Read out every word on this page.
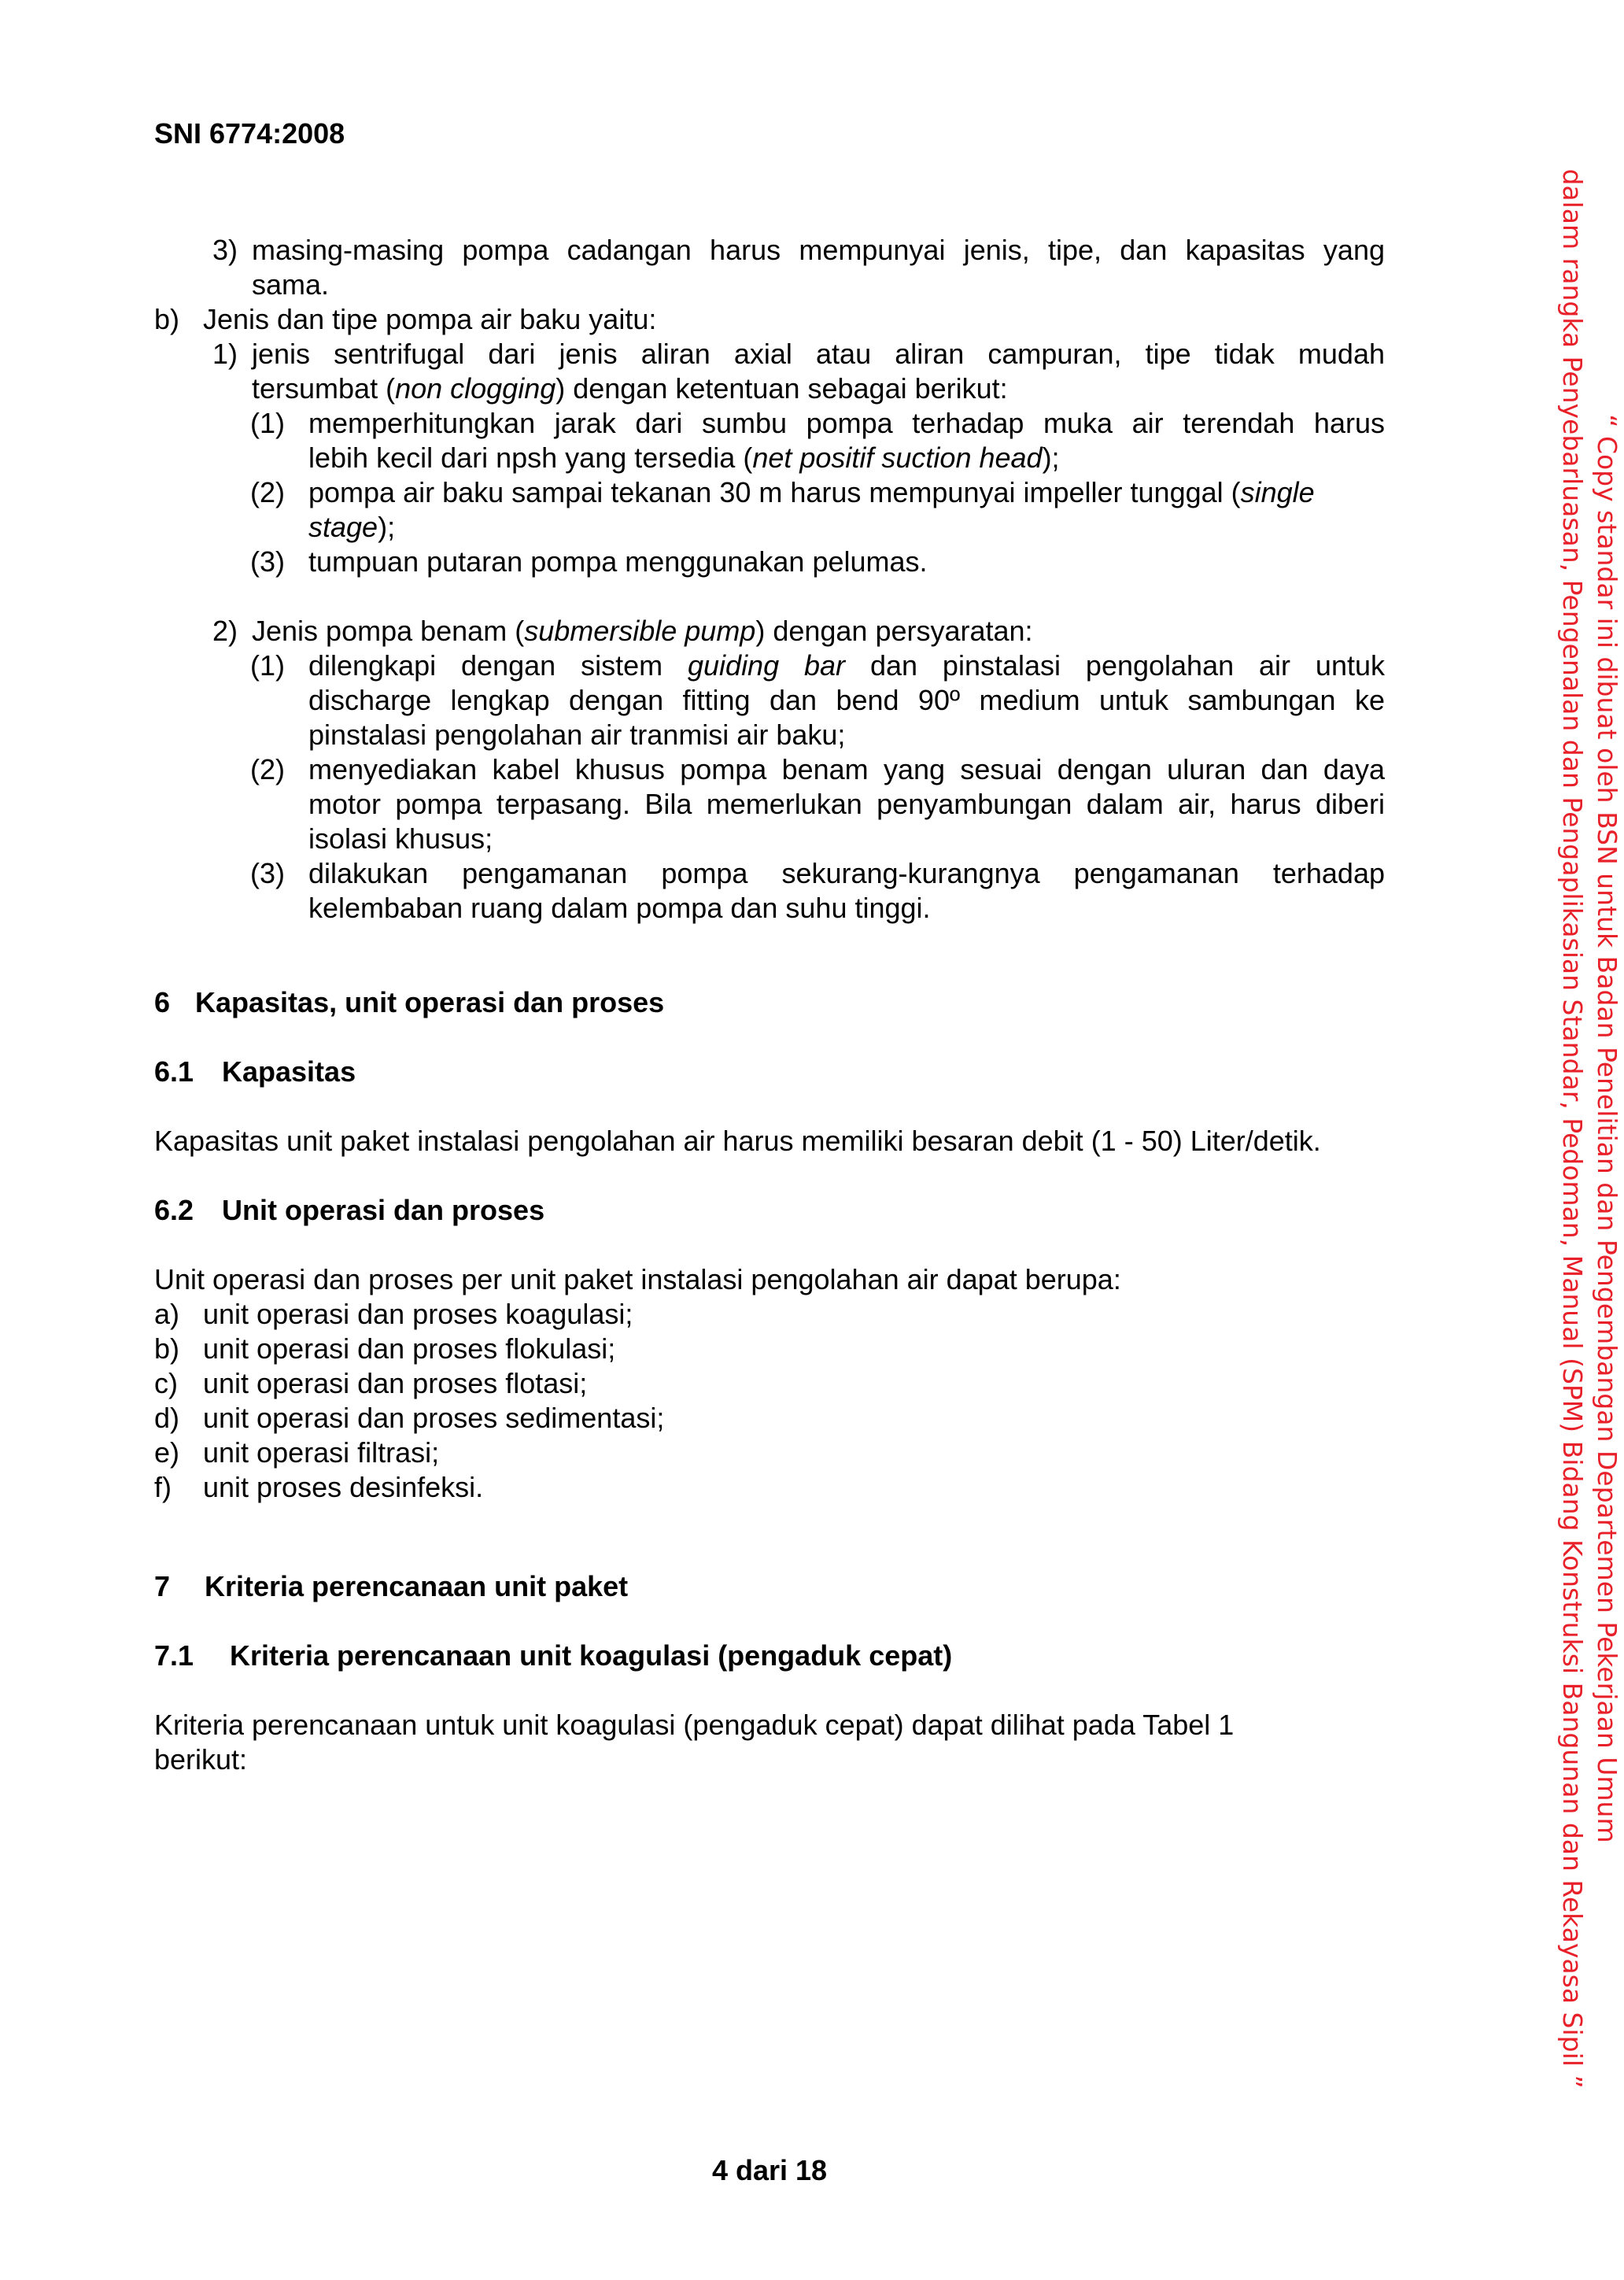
SNI 6774:2008
3) masing-masing pompa cadangan harus mempunyai jenis, tipe, dan kapasitas yang
sama.
b) Jenis dan tipe pompa air baku yaitu:
1) jenis sentrifugal dari jenis aliran axial atau aliran campuran, tipe tidak mudah
tersumbat (non clogging) dengan ketentuan sebagai berikut:
(1) memperhitungkan jarak dari sumbu pompa terhadap muka air terendah harus
lebih kecil dari npsh yang tersedia (net positif suction head);
(2) pompa air baku sampai tekanan 30 m harus mempunyai impeller tunggal (single
stage);
(3) tumpuan putaran pompa menggunakan pelumas.
2) Jenis pompa benam (submersible pump) dengan persyaratan:
(1) dilengkapi dengan sistem guiding bar dan pinstalasi pengolahan air untuk
discharge lengkap dengan fitting dan bend 90º medium untuk sambungan ke
pinstalasi pengolahan air tranmisi air baku;
(2) menyediakan kabel khusus pompa benam yang sesuai dengan uluran dan daya
motor pompa terpasang. Bila memerlukan penyambungan dalam air, harus diberi
isolasi khusus;
(3) dilakukan pengamanan pompa sekurang-kurangnya pengamanan terhadap
kelembaban ruang dalam pompa dan suhu tinggi.
6 Kapasitas, unit operasi dan proses
6.1 Kapasitas
Kapasitas unit paket instalasi pengolahan air harus memiliki besaran debit (1 - 50) Liter/detik.
6.2 Unit operasi dan proses
Unit operasi dan proses per unit paket instalasi pengolahan air dapat berupa:
a) unit operasi dan proses koagulasi;
b) unit operasi dan proses flokulasi;
c) unit operasi dan proses flotasi;
d) unit operasi dan proses sedimentasi;
e) unit operasi filtrasi;
f) unit proses desinfeksi.
7 Kriteria perencanaan unit paket
7.1 Kriteria perencanaan unit koagulasi (pengaduk cepat)
Kriteria perencanaan untuk unit koagulasi (pengaduk cepat) dapat dilihat pada Tabel 1
berikut:
4 dari 18
“ Copy standar ini dibuat oleh BSN untuk Badan Penelitian dan Pengembangan Departemen Pekerjaan Umum
dalam rangka Penyebarluasan, Pengenalan dan Pengaplikasian Standar, Pedoman, Manual (SPM) Bidang Konstruksi Bangunan dan Rekayasa Sipil ”
